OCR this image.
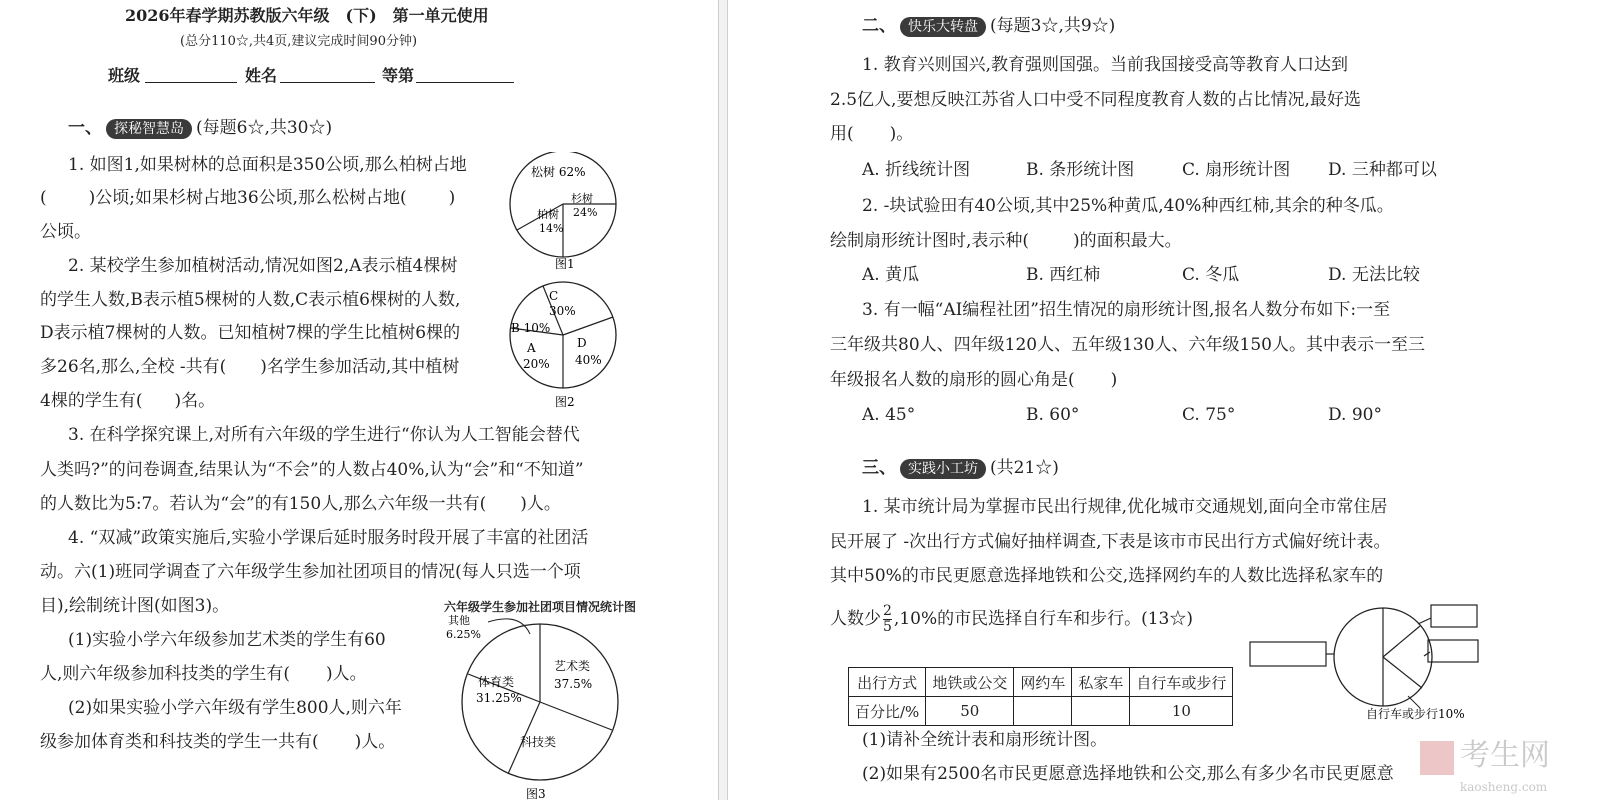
2026年春学期苏教版六年级　(下)　第一单元使用
(总分110☆,共4页,建议完成时间90分钟)
班级	姓名	等第
一、 探秘智慧岛 (每题6☆,共30☆)
1. 如图1,如果树林的总面积是350公顷,那么柏树占地
( )公顷;如果杉树占地36公顷,那么松树占地( )
公顷。
松树 62%
杉树
24%
柏树
14%
图1
2. 某校学生参加植树活动,情况如图2,A表示植4棵树
的学生人数,B表示植5棵树的人数,C表示植6棵树的人数,
D表示植7棵树的人数。已知植树7棵的学生比植树6棵的
多26名,那么,全校 -共有( )名学生参加活动,其中植树
4棵的学生有( )名。
C
30%
B 10%
A
20%
D
40%
图2
3. 在科学探究课上,对所有六年级的学生进行“你认为人工智能会替代
人类吗?”的问卷调查,结果认为“不会”的人数占40%,认为“会”和“不知道”
的人数比为5:7。若认为“会”的有150人,那么六年级一共有( )人。
4. “双减”政策实施后,实验小学课后延时服务时段开展了丰富的社团活
动。六(1)班同学调查了六年级学生参加社团项目的情况(每人只选一个项
目),绘制统计图(如图3)。
(1)实验小学六年级参加艺术类的学生有60
人,则六年级参加科技类的学生有( )人。
(2)如果实验小学六年级有学生800人,则六年
级参加体育类和科技类的学生一共有( )人。
六年级学生参加社团项目情况统计图
其他
6.25%
体育类
31.25%
艺术类
37.5%
科技类
图3
二、 快乐大转盘 (每题3☆,共9☆)
1. 教育兴则国兴,教育强则国强。当前我国接受高等教育人口达到
2.5亿人,要想反映江苏省人口中受不同程度教育人数的占比情况,最好选
用( )。
A. 折线统计图	B. 条形统计图	C. 扇形统计图 D. 三种都可以
2. -块试验田有40公顷,其中25%种黄瓜,40%种西红柿,其余的种冬瓜。
绘制扇形统计图时,表示种(	)的面积最大。
A. 黄瓜	B. 西红柿	C. 冬瓜	D. 无法比较
3. 有一幅“AI编程社团”招生情况的扇形统计图,报名人数分布如下:一至
三年级共80人、四年级120人、五年级130人、六年级150人。其中表示一至三
年级报名人数的扇形的圆心角是( )
A. 45°	B. 60°	C. 75°	D. 90°
三、 实践小工坊 (共21☆)
1. 某市统计局为掌握市民出行规律,优化城市交通规划,面向全市常住居
民开展了 -次出行方式偏好抽样调查,下表是该市市民出行方式偏好统计表。
其中50%的市民更愿意选择地铁和公交,选择网约车的人数比选择私家车的
人数少 $\frac{2}{5} ,10\%$的市民选择自行车和步行。(13☆)
出行方式	地铁或公交	网约车	私家车	自行车或步行
百分比/%	50			10	自行车或步行10%
(1)请补全统计表和扇形统计图。
(2)如果有2500名市民更愿意选择地铁和公交,那么有多少名市民更愿意
考生网
kaosheng.com
